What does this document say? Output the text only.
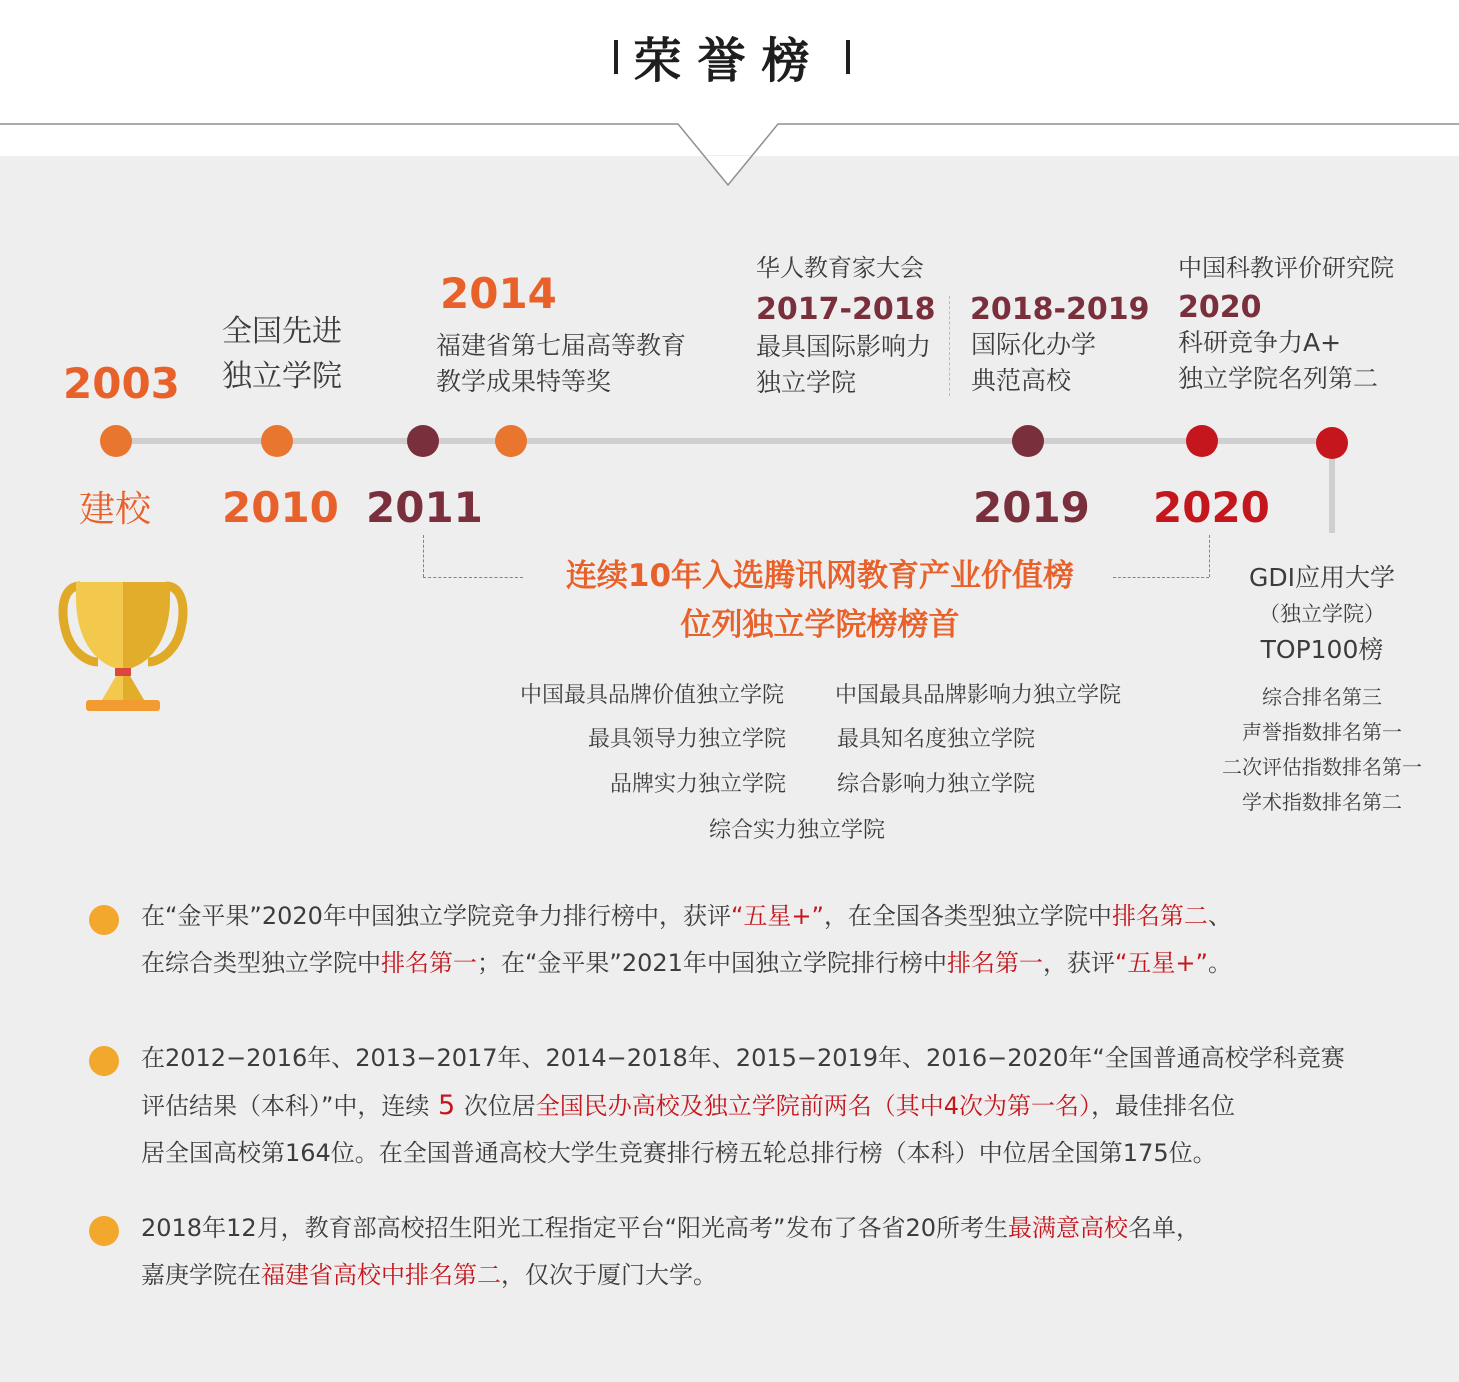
荣誉榜
2003
建校
全国先进
独立学院
2010 2011
2014
福建省第七届高等教育
教学成果特等奖
华人教育家大会
2017-2018
最具国际影响力
独立学院
2018-2019
国际化办学
典范高校
2019
中国科教评价研究院
2020
科研竞争力A+
独立学院名列第二
2020
GDI应用大学
（独立学院）
TOP100榜
综合排名第三
声誉指数排名第一
二次评估指数排名第一
学术指数排名第二
连续10年入选腾讯网教育产业价值榜
位列独立学院榜榜首
中国最具品牌价值独立学院
最具领导力独立学院
品牌实力独立学院
中国最具品牌影响力独立学院
最具知名度独立学院
综合影响力独立学院
综合实力独立学院
在“金平果”2020年中国独立学院竞争力排行榜中，获评“五星+”，在全国各类型独立学院中排名第二、
在综合类型独立学院中排名第一；在“金平果”2021年中国独立学院排行榜中排名第一，获评“五星+”。
在2012−2016年、2013−2017年、2014−2018年、2015−2019年、2016−2020年“全国普通高校学科竞赛
评估结果（本科）”中，连续 5 次位居全国民办高校及独立学院前两名（其中4次为第一名），最佳排名位
居全国高校第164位。在全国普通高校大学生竞赛排行榜五轮总排行榜（本科）中位居全国第175位。
2018年12月，教育部高校招生阳光工程指定平台“阳光高考”发布了各省20所考生最满意高校名单，
嘉庚学院在福建省高校中排名第二，仅次于厦门大学。
